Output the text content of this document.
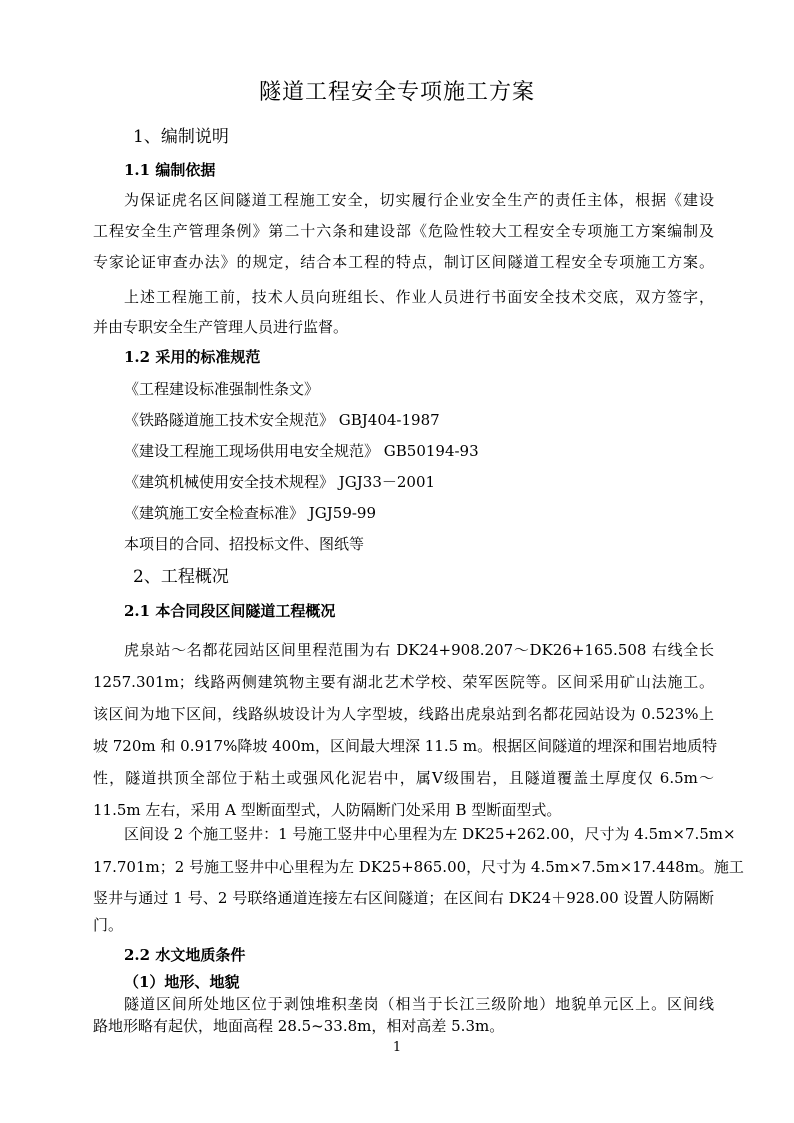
隧道工程安全专项施工方案
1、编制说明
1.1 编制依据
为保证虎名区间隧道工程施工安全，切实履行企业安全生产的责任主体，根据《建设
工程安全生产管理条例》第二十六条和建设部《危险性较大工程安全专项施工方案编制及
专家论证审查办法》的规定，结合本工程的特点，制订区间隧道工程安全专项施工方案。
上述工程施工前，技术人员向班组长、作业人员进行书面安全技术交底，双方签字，
并由专职安全生产管理人员进行监督。
1.2 采用的标准规范
《工程建设标准强制性条文》
《铁路隧道施工技术安全规范》 GBJ404-1987
《建设工程施工现场供用电安全规范》 GB50194-93
《建筑机械使用安全技术规程》 JGJ33－2001
《建筑施工安全检查标准》 JGJ59-99
本项目的合同、招投标文件、图纸等
2、工程概况
2.1 本合同段区间隧道工程概况
虎泉站～名都花园站区间里程范围为右 DK24+908.207～DK26+165.508 右线全长
1257.301m；线路两侧建筑物主要有湖北艺术学校、荣军医院等。区间采用矿山法施工。
该区间为地下区间，线路纵坡设计为人字型坡，线路出虎泉站到名都花园站设为 0.523%上
坡 720m 和 0.917%降坡 400m，区间最大埋深 11.5 m。根据区间隧道的埋深和围岩地质特
性，隧道拱顶全部位于粘土或强风化泥岩中，属Ⅴ级围岩，且隧道覆盖土厚度仅 6.5m～
11.5m 左右，采用 A 型断面型式，人防隔断门处采用 B 型断面型式。
区间设 2 个施工竖井：1 号施工竖井中心里程为左 DK25+262.00，尺寸为 4.5m×7.5m×
17.701m；2 号施工竖井中心里程为左 DK25+865.00，尺寸为 4.5m×7.5m×17.448m。施工
竖井与通过 1 号、2 号联络通道连接左右区间隧道；在区间右 DK24＋928.00 设置人防隔断
门。
2.2 水文地质条件
（1）地形、地貌
隧道区间所处地区位于剥蚀堆积垄岗（相当于长江三级阶地）地貌单元区上。区间线
路地形略有起伏，地面高程 28.5~33.8m，相对高差 5.3m。
1
